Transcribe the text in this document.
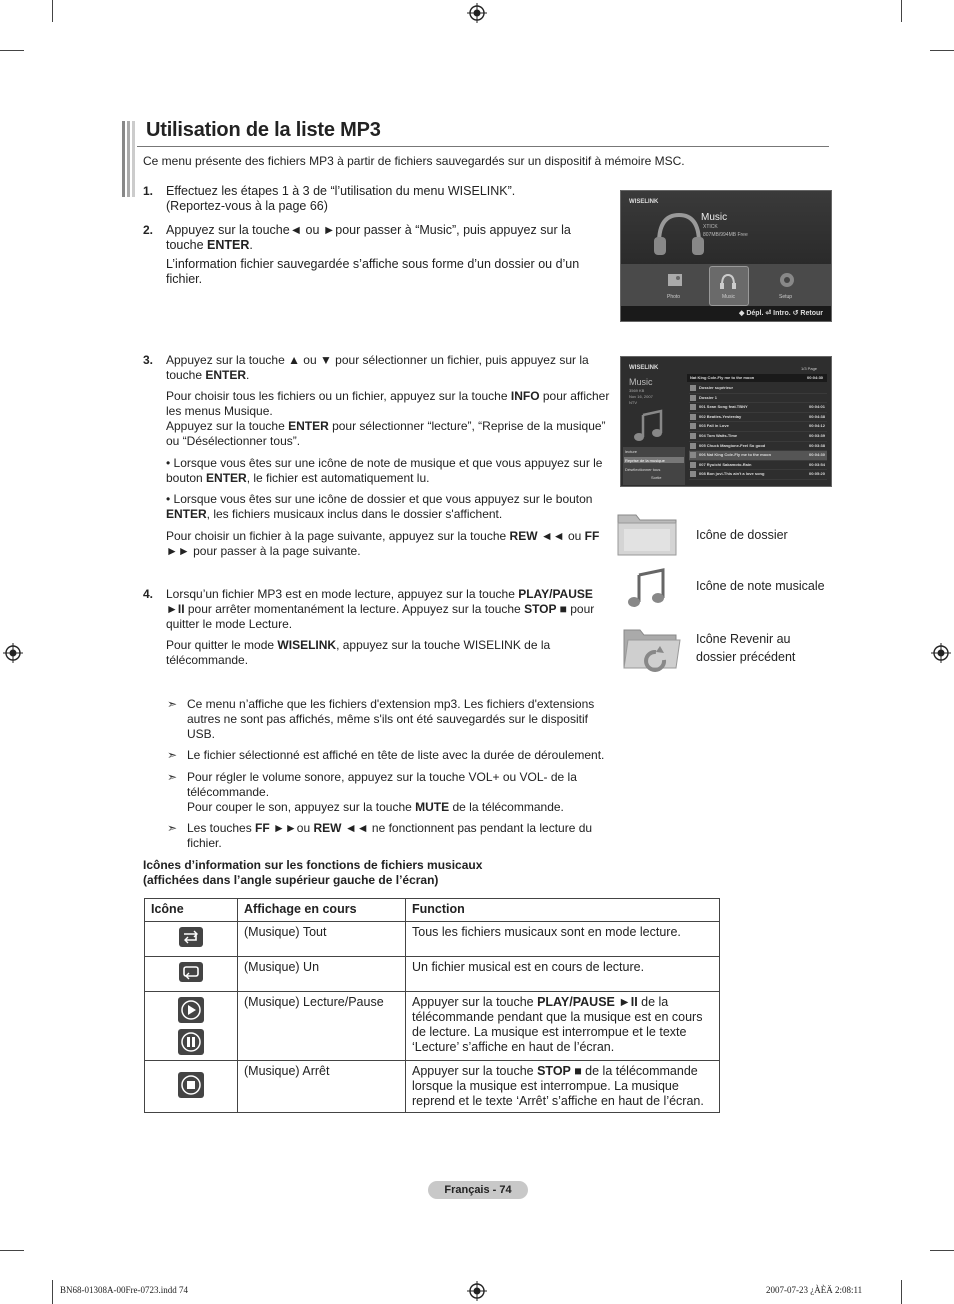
Utilisation de la liste MP3

Ce menu présente des fichiers MP3 à partir de fichiers sauvegardés sur un dispositif à mémoire MSC.

1. Effectuez les étapes 1 à 3 de “l’utilisation du menu WISELINK”. (Reportez-vous à la page 66)

2. Appuyez sur la touche◄ ou ►pour passer à “Music”, puis appuyez sur la touche ENTER.

L’information fichier sauvegardée s’affiche sous forme d’un dossier ou d’un fichier.

WISELINK
Music
XTICK
807MB/994MB Free
Photo	Music	Setup
◆ Dépl. ⏎ Intro. ↺ Retour
3. Appuyez sur la touche ▲ ou ▼ pour sélectionner un fichier, puis appuyez sur la touche ENTER.

Pour choisir tous les fichiers ou un fichier, appuyez sur la touche INFO pour afficher les menus Musique.

Appuyez sur la touche ENTER pour sélectionner “lecture”, “Reprise de la musique” ou “Désélectionner tous”.

• Lorsque vous êtes sur une icône de note de musique et que vous appuyez sur le bouton ENTER, le fichier est automatiquement lu.

• Lorsque vous êtes sur une icône de dossier et que vous appuyez sur le bouton ENTER, les fichiers musicaux inclus dans le dossier s'affichent.

Pour choisir un fichier à la page suivante, appuyez sur la touche REW ◄◄ ou FF ►► pour passer à la page suivante.

WISELINK
Music
3569 KB
Nov 16, 2007
NTV
lecture
Reprise de la musique
Désélectionner tous
Sortie
1/3 Page
Nat King Cole-Fly me to the moon	00:04:30
Dossier supérieur
Dossier 1
001 Sean Song feat.TBNY	00:04:01
002 Beatles-Yesterday	00:04:38
003 Fall in Love	00:04:12
004 Tom Waits-Time	00:03:39
005 Chuck Mangione-Feel So good	00:03:38
006 Nat King Cole-Fly me to the moon	00:04:30
007 Ryuichi Sakamoto-Rain	00:03:54
008 Bon jovi-This ain't a love song	00:05:20
Icône de dossier
Icône de note musicale

Icône Revenir au dossier précédent

4. Lorsqu’un fichier MP3 est en mode lecture, appuyez sur la touche PLAY/PAUSE ►II pour arrêter momentanément la lecture. Appuyez sur la touche STOP ■ pour quitter le mode Lecture.

Pour quitter le mode WISELINK, appuyez sur la touche WISELINK de la télécommande.

➣ Ce menu n’affiche que les fichiers d'extension mp3. Les fichiers d'extensions autres ne sont pas affichés, même s'ils ont été sauvegardés sur le dispositif USB.

➣ Le fichier sélectionné est affiché en tête de liste avec la durée de déroulement.

➣ Pour régler le volume sonore, appuyez sur la touche VOL+ ou VOL- de la télécommande.

Pour couper le son, appuyez sur la touche MUTE de la télécommande.

➣ Les touches FF ►►ou REW ◄◄ ne fonctionnent pas pendant la lecture du fichier.

Icônes d’information sur les fonctions de fichiers musicaux

(affichées dans l’angle supérieur gauche de l’écran)

Icône	Affichage en cours	Function
	(Musique) Tout	Tous les fichiers musicaux sont en mode lecture.
	(Musique) Un	Un fichier musical est en cours de lecture.

	(Musique) Lecture/Pause	Appuyer sur la touche PLAY/PAUSE ►II de la télécommande pendant que la musique est en cours de lecture. La musique est interrompue et le texte ‘Lecture’ s’affiche en haut de l’écran.
	(Musique) Arrêt	Appuyer sur la touche STOP ■ de la télécommande lorsque la musique est interrompue. La musique reprend et le texte ‘Arrêt’ s’affiche en haut de l’écran.
Français - 74
BN68-01308A-00Fre-0723.indd 74	2007-07-23 ¿ÀÈÄ 2:08:11
